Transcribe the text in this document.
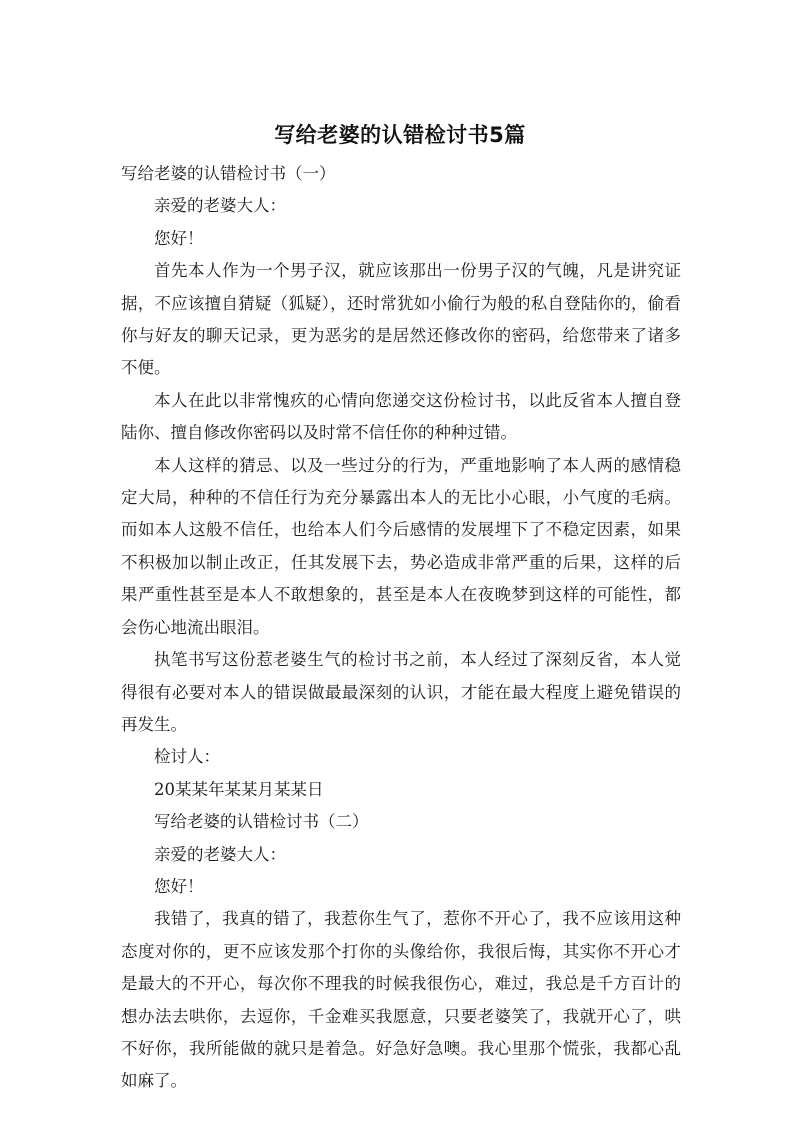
写给老婆的认错检讨书5篇

写给老婆的认错检讨书（一）

亲爱的老婆大人：

您好！

首先本人作为一个男子汉，就应该那出一份男子汉的气魄，凡是讲究证据，不应该擅自猜疑（狐疑），还时常犹如小偷行为般的私自登陆你的，偷看你与好友的聊天记录，更为恶劣的是居然还修改你的密码，给您带来了诸多不便。

本人在此以非常愧疚的心情向您递交这份检讨书，以此反省本人擅自登陆你、擅自修改你密码以及时常不信任你的种种过错。

本人这样的猜忌、以及一些过分的行为，严重地影响了本人两的感情稳定大局，种种的不信任行为充分暴露出本人的无比小心眼，小气度的毛病。而如本人这般不信任，也给本人们今后感情的发展埋下了不稳定因素，如果不积极加以制止改正，任其发展下去，势必造成非常严重的后果，这样的后果严重性甚至是本人不敢想象的，甚至是本人在夜晚梦到这样的可能性，都会伤心地流出眼泪。

执笔书写这份惹老婆生气的检讨书之前，本人经过了深刻反省，本人觉得很有必要对本人的错误做最最深刻的认识，才能在最大程度上避免错误的再发生。

检讨人：

20某某年某某月某某日

写给老婆的认错检讨书（二）

亲爱的老婆大人：

您好！

我错了，我真的错了，我惹你生气了，惹你不开心了，我不应该用这种态度对你的，更不应该发那个打你的头像给你，我很后悔，其实你不开心才是最大的不开心，每次你不理我的时候我很伤心，难过，我总是千方百计的想办法去哄你，去逗你，千金难买我愿意，只要老婆笑了，我就开心了，哄不好你，我所能做的就只是着急。好急好急噢。我心里那个慌张，我都心乱如麻了。
